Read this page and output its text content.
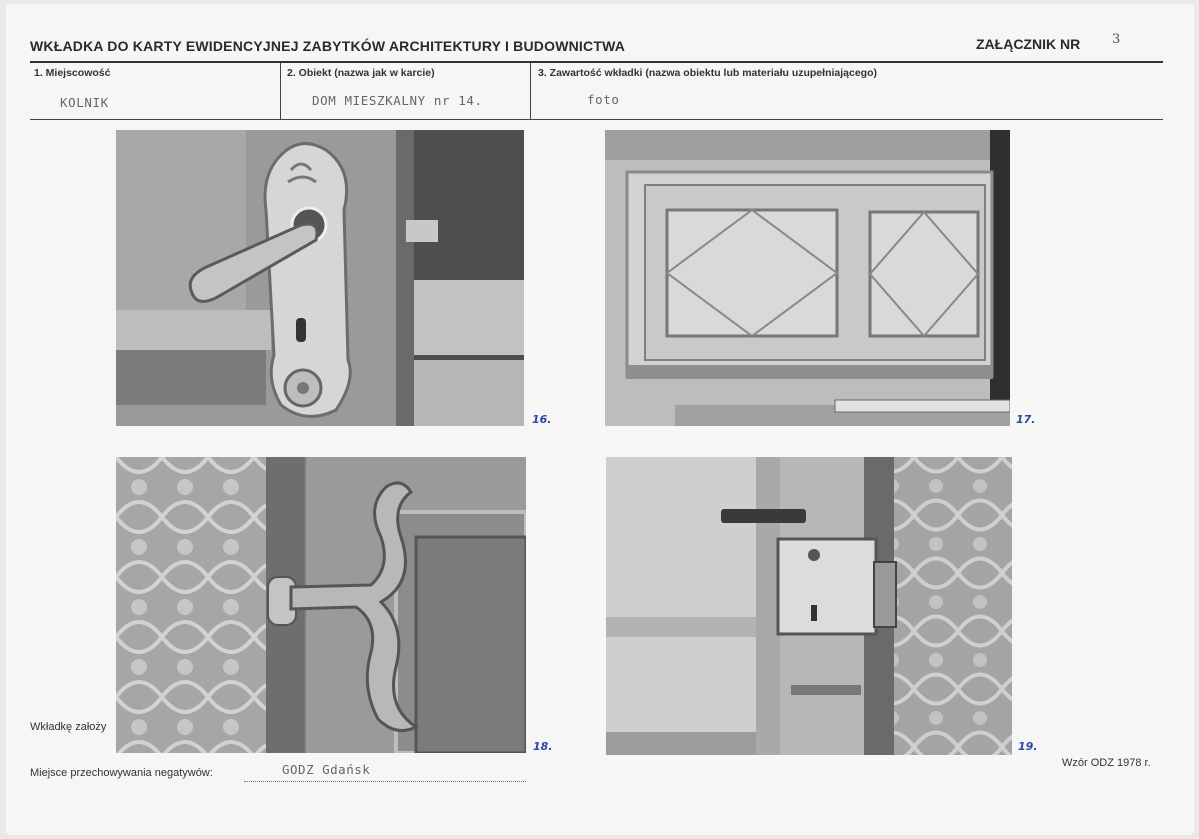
WKŁADKA DO KARTY EWIDENCYJNEJ ZABYTKÓW ARCHITEKTURY I BUDOWNICTWA	ZAŁĄCZNIK NR 3
1. Miejscowość
KOLNIK
2. Obiekt (nazwa jak w karcie)
DOM MIESZKALNY nr 14.
3. Zawartość wkładki (nazwa obiektu lub materiału uzupełniającego)
foto
16.	17.
18.	19.
Wkładkę założy
Miejsce przechowywania negatywów:	GODZ Gdańsk	Wzór ODZ 1978 r.
